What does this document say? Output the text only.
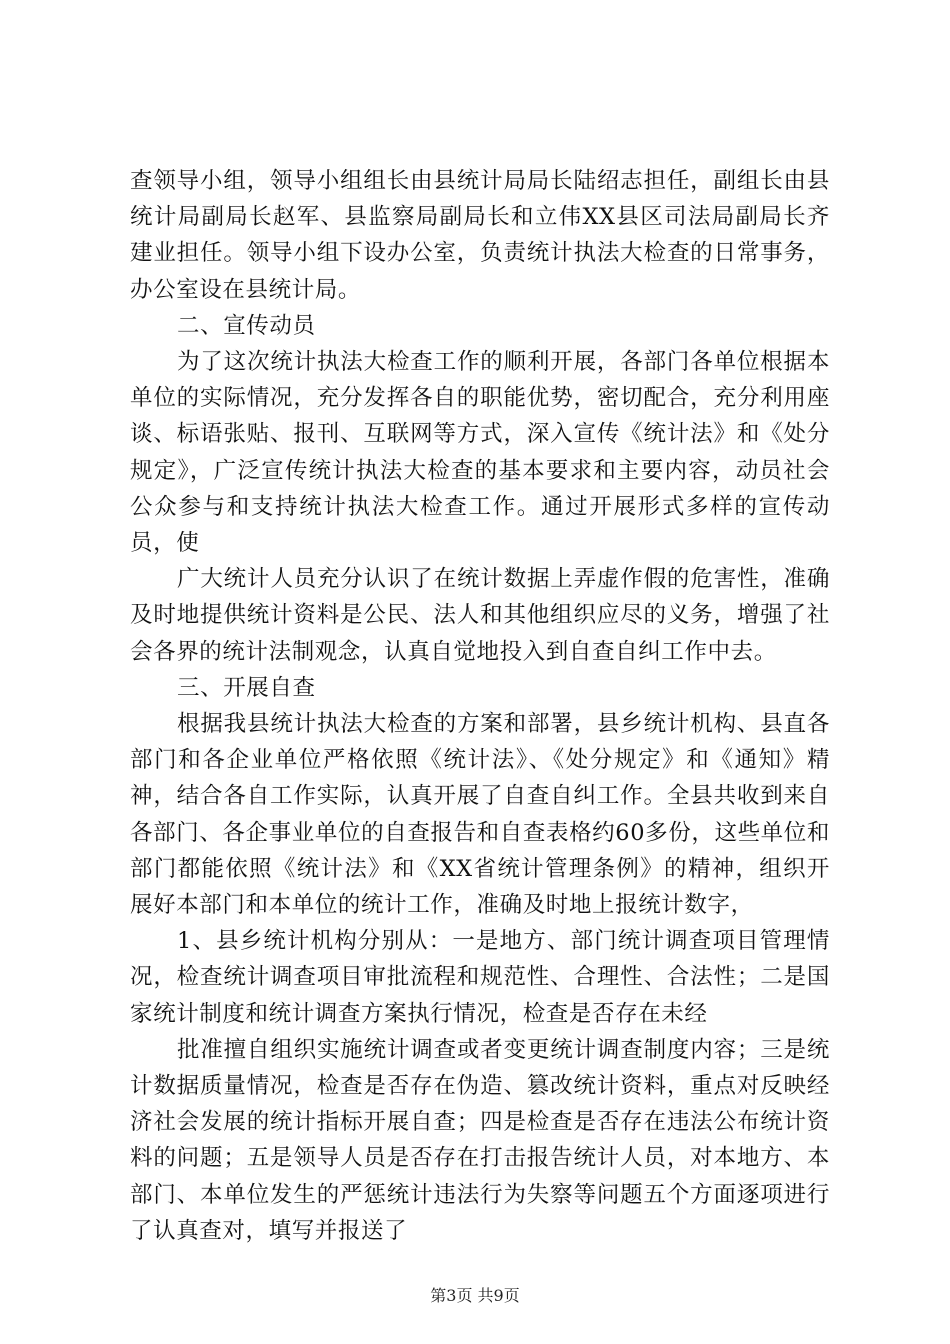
查领导小组，领导小组组长由县统计局局长陆绍志担任，副组长由县统计局副局长赵军、县监察局副局长和立伟XX县区司法局副局长齐建业担任。领导小组下设办公室，负责统计执法大检查的日常事务，办公室设在县统计局。

二、宣传动员

为了这次统计执法大检查工作的顺利开展，各部门各单位根据本单位的实际情况，充分发挥各自的职能优势，密切配合，充分利用座谈、标语张贴、报刊、互联网等方式，深入宣传《统计法》和《处分规定》，广泛宣传统计执法大检查的基本要求和主要内容，动员社会公众参与和支持统计执法大检查工作。通过开展形式多样的宣传动员，使

广大统计人员充分认识了在统计数据上弄虚作假的危害性，准确及时地提供统计资料是公民、法人和其他组织应尽的义务，增强了社会各界的统计法制观念，认真自觉地投入到自查自纠工作中去。

三、开展自查

根据我县统计执法大检查的方案和部署，县乡统计机构、县直各部门和各企业单位严格依照《统计法》、《处分规定》和《通知》精神，结合各自工作实际，认真开展了自查自纠工作。全县共收到来自各部门、各企事业单位的自查报告和自查表格约60多份，这些单位和部门都能依照《统计法》和《XX省统计管理条例》的精神，组织开展好本部门和本单位的统计工作，准确及时地上报统计数字，

1、县乡统计机构分别从：一是地方、部门统计调查项目管理情况，检查统计调查项目审批流程和规范性、合理性、合法性；二是国家统计制度和统计调查方案执行情况，检查是否存在未经

批准擅自组织实施统计调查或者变更统计调查制度内容；三是统计数据质量情况，检查是否存在伪造、篡改统计资料，重点对反映经济社会发展的统计指标开展自查；四是检查是否存在违法公布统计资料的问题；五是领导人员是否存在打击报告统计人员，对本地方、本部门、本单位发生的严惩统计违法行为失察等问题五个方面逐项进行了认真查对，填写并报送了

第3页 共9页
